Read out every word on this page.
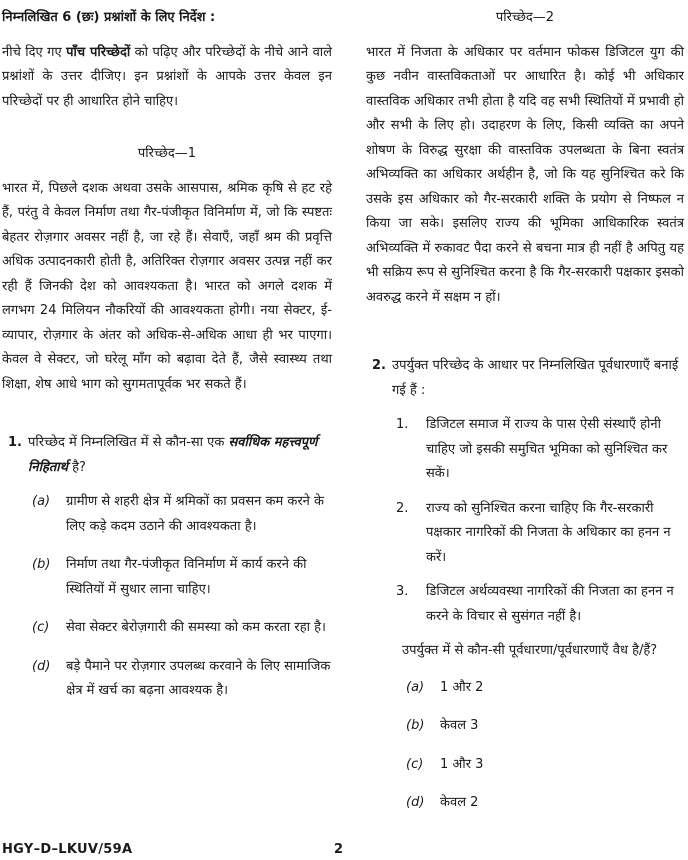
निम्नलिखित 6 (छः) प्रश्नांशों के लिए निर्देश :

नीचे दिए गए पाँच परिच्छेदों को पढ़िए और परिच्छेदों के नीचे आने वाले प्रश्नांशों के उत्तर दीजिए। इन प्रश्नांशों के आपके उत्तर केवल इन परिच्छेदों पर ही आधारित होने चाहिए।

परिच्छेद—1

भारत में, पिछले दशक अथवा उसके आसपास, श्रमिक कृषि से हट रहे हैं, परंतु वे केवल निर्माण तथा गैर-पंजीकृत विनिर्माण में, जो कि स्पष्टतः बेहतर रोज़गार अवसर नहीं है, जा रहे हैं। सेवाएँ, जहाँ श्रम की प्रवृत्ति अधिक उत्पादनकारी होती है, अतिरिक्त रोज़गार अवसर उत्पन्न नहीं कर रही हैं जिनकी देश को आवश्यकता है। भारत को अगले दशक में लगभग 24 मिलियन नौकरियों की आवश्यकता होगी। नया सेक्टर, ई-व्यापार, रोज़गार के अंतर को अधिक-से-अधिक आधा ही भर पाएगा। केवल वे सेक्टर, जो घरेलू माँग को बढ़ावा देते हैं, जैसे स्वास्थ्य तथा शिक्षा, शेष आधे भाग को सुगमतापूर्वक भर सकते हैं।

1. परिच्छेद में निम्नलिखित में से कौन-सा एक सर्वाधिक महत्त्वपूर्ण निहितार्थ है?
(a) ग्रामीण से शहरी क्षेत्र में श्रमिकों का प्रवसन कम करने के लिए कड़े कदम उठाने की आवश्यकता है।
(b) निर्माण तथा गैर-पंजीकृत विनिर्माण में कार्य करने की स्थितियों में सुधार लाना चाहिए।
(c) सेवा सेक्टर बेरोज़गारी की समस्या को कम करता रहा है।
(d) बड़े पैमाने पर रोज़गार उपलब्ध करवाने के लिए सामाजिक क्षेत्र में खर्च का बढ़ना आवश्यक है।

परिच्छेद—2

भारत में निजता के अधिकार पर वर्तमान फोकस डिजिटल युग की कुछ नवीन वास्तविकताओं पर आधारित है। कोई भी अधिकार वास्तविक अधिकार तभी होता है यदि वह सभी स्थितियों में प्रभावी हो और सभी के लिए हो। उदाहरण के लिए, किसी व्यक्ति का अपने शोषण के विरुद्ध सुरक्षा की वास्तविक उपलब्धता के बिना स्वतंत्र अभिव्यक्ति का अधिकार अर्थहीन है, जो कि यह सुनिश्चित करे कि उसके इस अधिकार को गैर-सरकारी शक्ति के प्रयोग से निष्फल न किया जा सके। इसलिए राज्य की भूमिका आधिकारिक स्वतंत्र अभिव्यक्ति में रुकावट पैदा करने से बचना मात्र ही नहीं है अपितु यह भी सक्रिय रूप से सुनिश्चित करना है कि गैर-सरकारी पक्षकार इसको अवरुद्ध करने में सक्षम न हों।

2. उपर्युक्त परिच्छेद के आधार पर निम्नलिखित पूर्वधारणाएँ बनाई गई हैं :
1. डिजिटल समाज में राज्य के पास ऐसी संस्थाएँ होनी चाहिए जो इसकी समुचित भूमिका को सुनिश्चित कर सकें।
2. राज्य को सुनिश्चित करना चाहिए कि गैर-सरकारी पक्षकार नागरिकों की निजता के अधिकार का हनन न करें।
3. डिजिटल अर्थव्यवस्था नागरिकों की निजता का हनन न करने के विचार से सुसंगत नहीं है।

उपर्युक्त में से कौन-सी पूर्वधारणा/पूर्वधारणाएँ वैध है/हैं?

(a) 1 और 2
(b) केवल 3
(c) 1 और 3
(d) केवल 2
HGY–D–LKUV/59A	2
